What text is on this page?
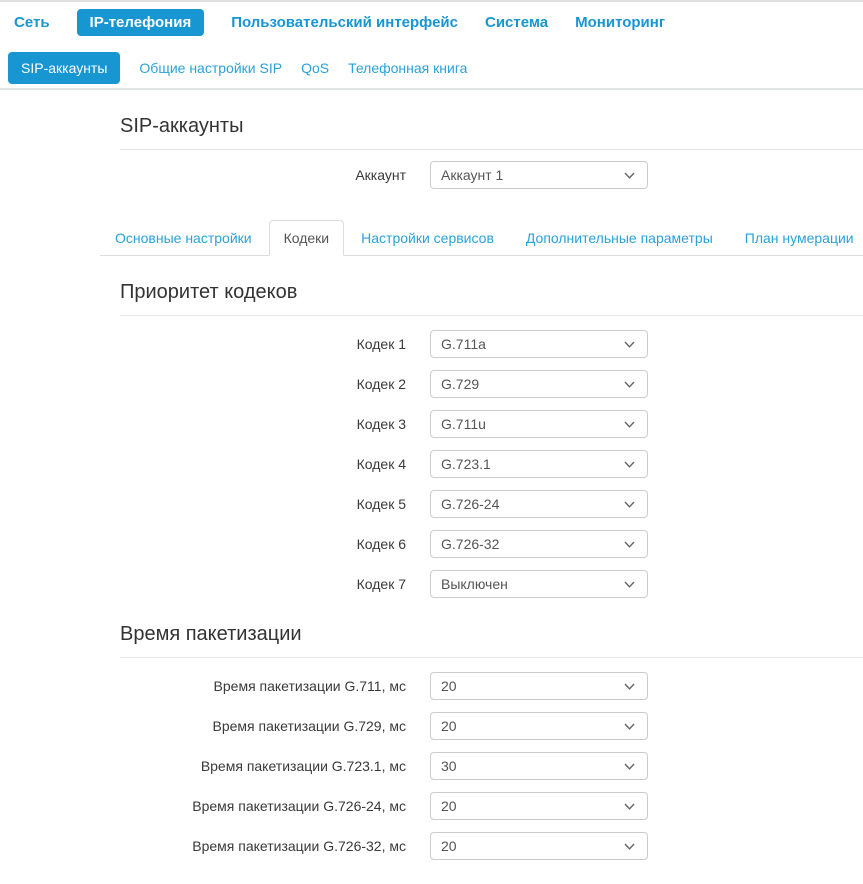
Сеть	IP-телефония	Пользовательский интерфейс Система Мониторинг
SIP-аккаунты	Общие настройки SIP QoS Телефонная книга
SIP-аккаунты
Аккаунт	Аккаунт 1
Основные настройки	Кодеки	Настройки сервисов	Дополнительные параметры	План нумерации
Приоритет кодеков
Кодек 1	G.711a
Кодек 2	G.729
Кодек 3	G.711u
Кодек 4	G.723.1
Кодек 5	G.726-24
Кодек 6	G.726-32
Кодек 7	Выключен
Время пакетизации
Время пакетизации G.711, мс	20
Время пакетизации G.729, мс	20
Время пакетизации G.723.1, мс	30
Время пакетизации G.726-24, мс	20
Время пакетизации G.726-32, мс	20
